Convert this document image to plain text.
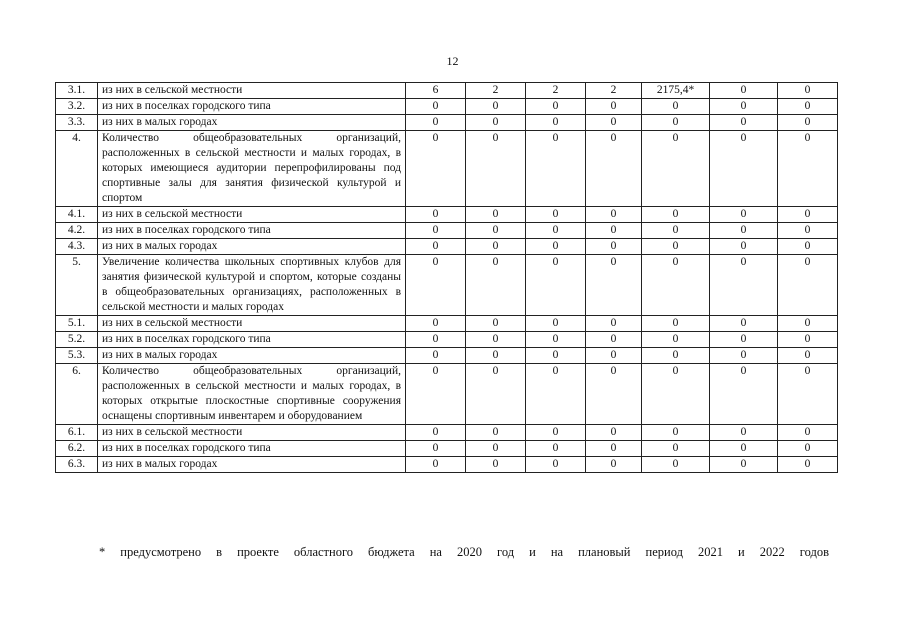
12
3.1.	из них в сельской местности	6	2	2	2	2175,4*	0	0
3.2.	из них в поселках городского типа	0	0	0	0	0	0	0
3.3.	из них в малых городах	0	0	0	0	0	0	0
4.	Количество общеобразовательных организаций, расположенных в сельской местности и малых городах, в которых имеющиеся аудитории перепрофилированы под спортивные залы для занятия физической культурой и спортом	0	0	0	0	0	0	0
4.1.	из них в сельской местности	0	0	0	0	0	0	0
4.2.	из них в поселках городского типа	0	0	0	0	0	0	0
4.3.	из них в малых городах	0	0	0	0	0	0	0
5.	Увеличение количества школьных спортивных клубов для занятия физической культурой и спортом, которые созданы в общеобразовательных организациях, расположенных в сельской местности и малых городах	0	0	0	0	0	0	0
5.1.	из них в сельской местности	0	0	0	0	0	0	0
5.2.	из них в поселках городского типа	0	0	0	0	0	0	0
5.3.	из них в малых городах	0	0	0	0	0	0	0
6.	Количество общеобразовательных организаций, расположенных в сельской местности и малых городах, в которых открытые плоскостные спортивные сооружения оснащены спортивным инвентарем и оборудованием	0	0	0	0	0	0	0
6.1.	из них в сельской местности	0	0	0	0	0	0	0
6.2.	из них в поселках городского типа	0	0	0	0	0	0	0
6.3.	из них в малых городах	0	0	0	0	0	0	0
* предусмотрено в проекте областного бюджета на 2020 год и на плановый период 2021 и 2022 годов
